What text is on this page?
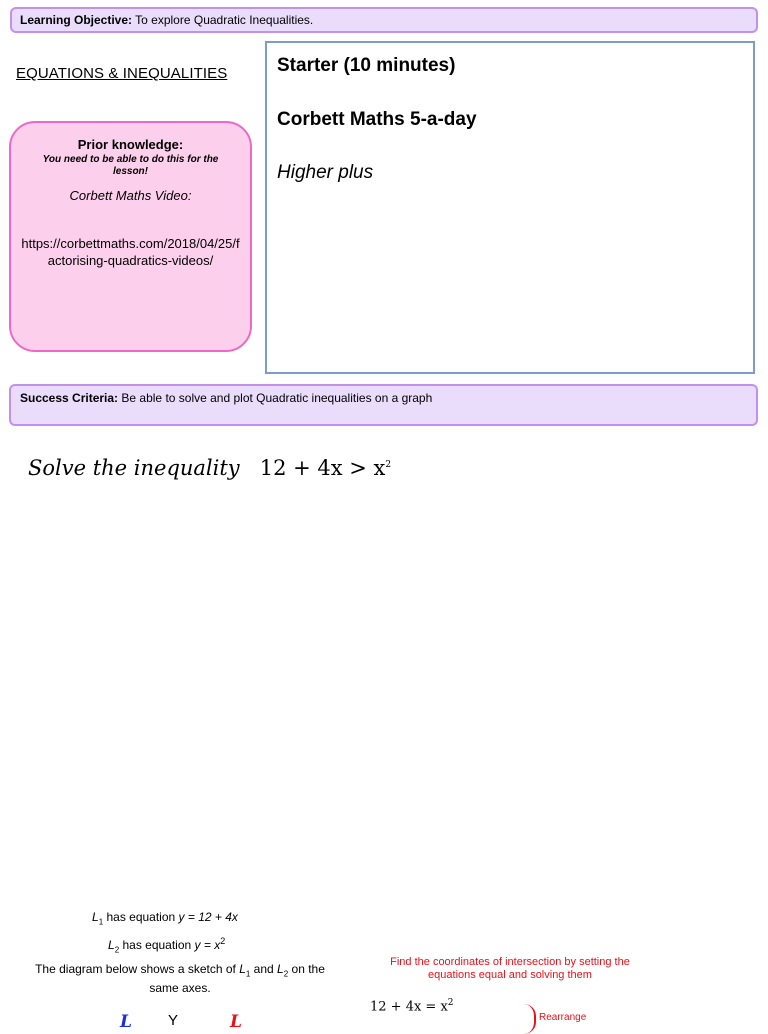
Learning Objective: To explore Quadratic Inequalities.
EQUATIONS & INEQUALITIES
Prior knowledge:
You need to be able to do this for the lesson!
Corbett Maths Video:
https://corbettmaths.com/2018/04/25/factorising-quadratics-videos/
Starter (10 minutes)
Corbett Maths 5-a-day
Higher plus
Success Criteria: Be able to solve and plot Quadratic inequalities on a graph
Solve the inequality $12 + 4x > x^2$
$L_1$ has equation y = 12 + 4x
$L_2$ has equation $y = x^2$
The diagram below shows a sketch of $L_1$ and $L_2$ on the same axes.
Find the coordinates of intersection by setting the equations equal and solving them
$12 + 4x = x^2$
Rearrange
L Y	L
